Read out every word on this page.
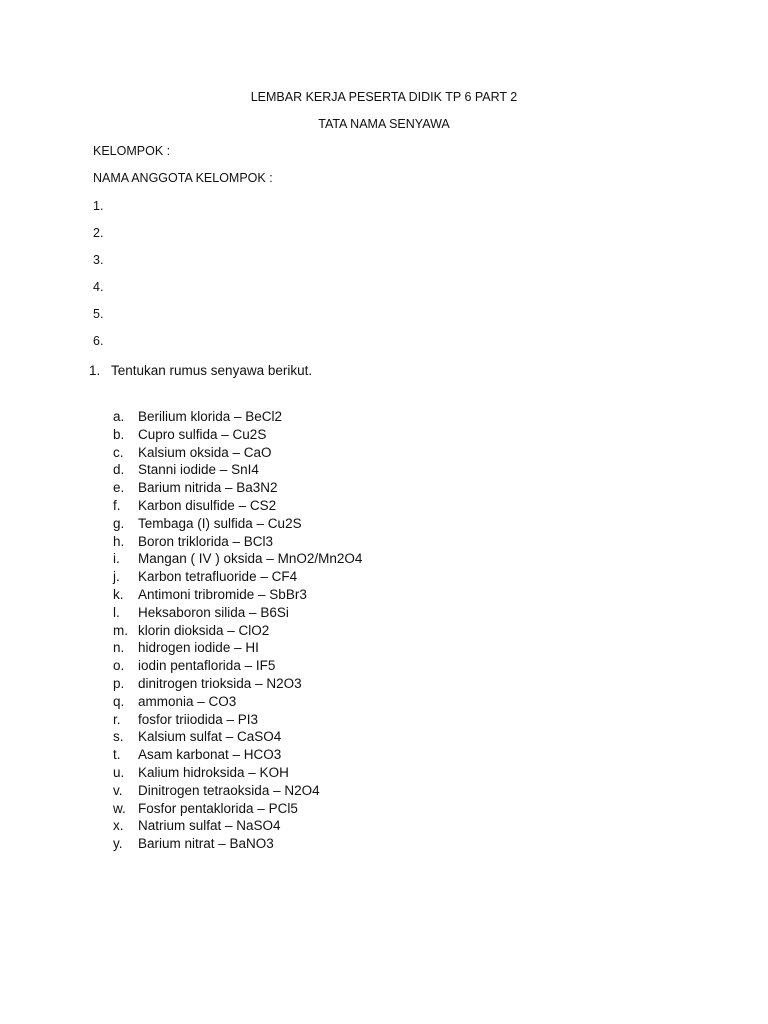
LEMBAR KERJA PESERTA DIDIK TP 6 PART 2
TATA NAMA SENYAWA
KELOMPOK :
NAMA ANGGOTA KELOMPOK :
1.
2.
3.
4.
5.
6.
1. Tentukan rumus senyawa berikut.
a. Berilium klorida – BeCl2
b. Cupro sulfida – Cu2S
c. Kalsium oksida – CaO
d. Stanni iodide – SnI4
e. Barium nitrida – Ba3N2
f. Karbon disulfide – CS2
g. Tembaga (I) sulfida – Cu2S
h. Boron triklorida – BCl3
i. Mangan ( IV ) oksida – MnO2/Mn2O4
j. Karbon tetrafluoride – CF4
k. Antimoni tribromide – SbBr3
l. Heksaboron silida – B6Si
m. klorin dioksida – ClO2
n. hidrogen iodide – HI
o. iodin pentaflorida – IF5
p. dinitrogen trioksida – N2O3
q. ammonia – CO3
r. fosfor triiodida – PI3
s. Kalsium sulfat – CaSO4
t. Asam karbonat – HCO3
u. Kalium hidroksida – KOH
v. Dinitrogen tetraoksida – N2O4
w. Fosfor pentaklorida – PCl5
x. Natrium sulfat – NaSO4
y. Barium nitrat – BaNO3
